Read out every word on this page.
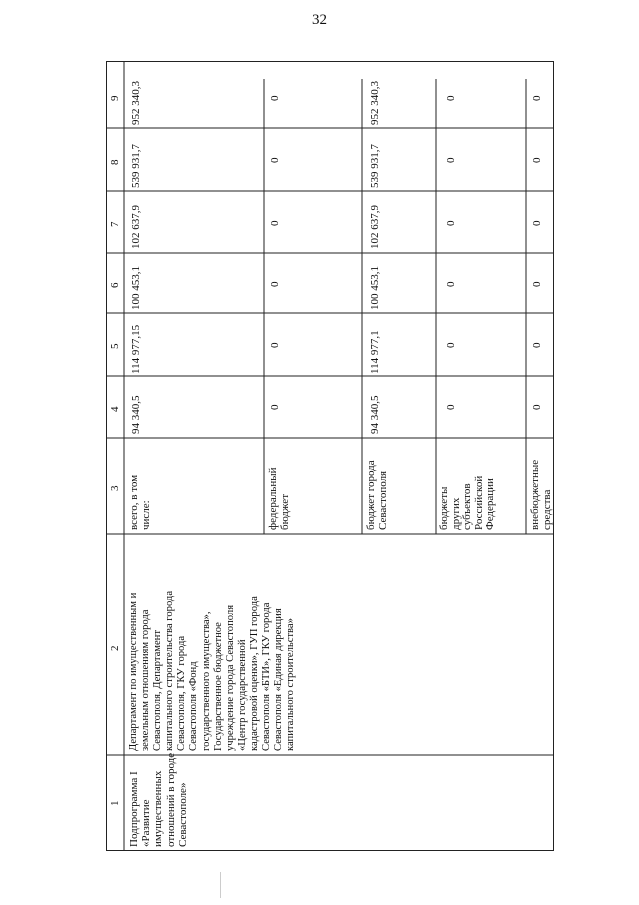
32
1
2
3
4
5
6
7
8
9
Подпрограмма I «Развитие имущественных отношений в городе Севастополе»
Департамент по имущественным и земельным отношениям города Севастополя, Департамент капитального строительства города Севастополя, ГКУ города Севастополя «Фонд государственного имущества», Государственное бюджетное учреждение города Севастополя «Центр государственной кадастровой оценки», ГУП города Севастополя «БТИ», ГКУ города Севастополя «Единая дирекция капитального строительства»
всего, в том числе:
94 340,5
114 977,15
100 453,1
102 637,9
539 931,7
952 340,3
федеральный бюджет
0
0
0
0
0
0
бюджет города Севастополя
94 340,5
114 977,1
100 453,1
102 637,9
539 931,7
952 340,3
бюджеты других субъектов Российской Федерации
0
0
0
0
0
0
внебюджетные средства
0
0
0
0
0
0
